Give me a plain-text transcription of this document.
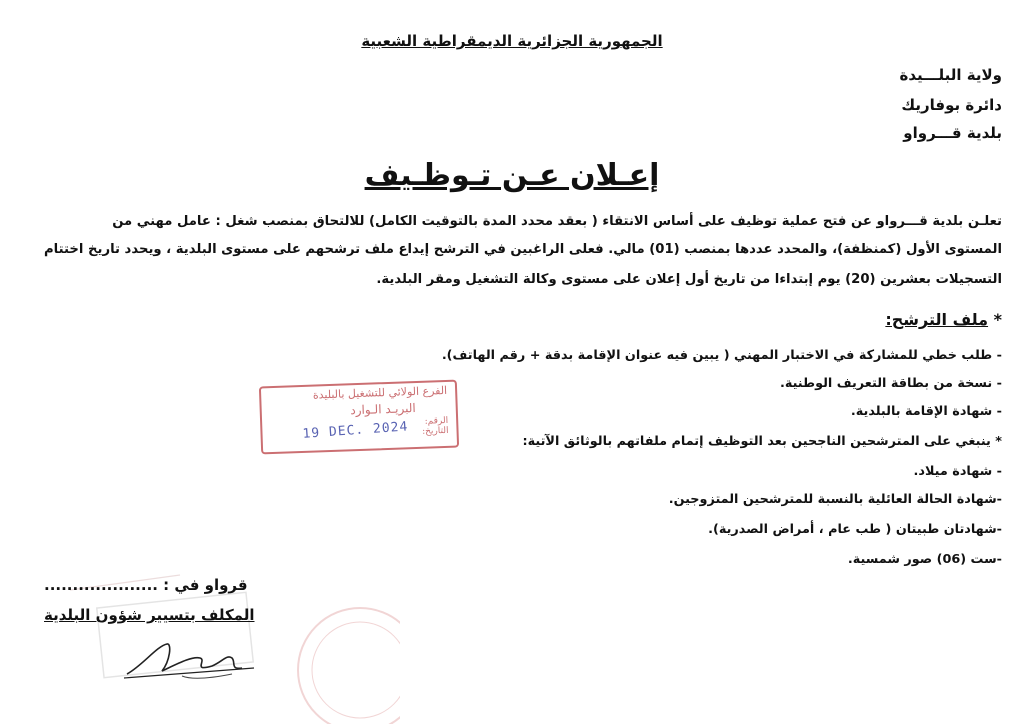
الجمهورية الجزائرية الديمقراطية الشعبية
ولاية البلـــيدة
دائرة بوفاريك
بلدية قـــرواو
إعـلان عـن تـوظـيف
تعلـن بلدية قـــرواو عن فتح عملية توظيف على أساس الانتقاء ( بعقد محدد المدة بالتوقيت الكامل) للالتحاق بمنصب شغل : عامل مهني من
المستوى الأول (كمنظفة)، والمحدد عددها بمنصب (01) مالي. فعلى الراغبين في الترشح إيداع ملف ترشحهم على مستوى البلدية ، ويحدد تاريخ اختتام
التسجيلات بعشرين (20) يوم إبتداءا من تاريخ أول إعلان على مستوى وكالة التشغيل ومقر البلدية.
* ملف الترشح:
- طلب خطي للمشاركة في الاختبار المهني ( يبين فيه عنوان الإقامة بدقة + رقم الهاتف).
- نسخة من بطاقة التعريف الوطنية.
- شهادة الإقامة بالبلدية.
* ينبغي على المترشحين الناجحين بعد التوظيف إتمام ملفاتهم بالوثائق الآتية:
- شهادة ميلاد.
-شهادة الحالة العائلية بالنسبة للمترشحين المتزوجين.
-شهادتان طبيتان ( طب عام ، أمراض الصدرية).
-ست (06) صور شمسية.
الفرع الولائي للتشغيل بالبليدة
البريـد الـوارد
الرقم:
التاريخ:
19 DEC. 2024
قرواو في : ....................
المكلف بتسيير شؤون البلدية
